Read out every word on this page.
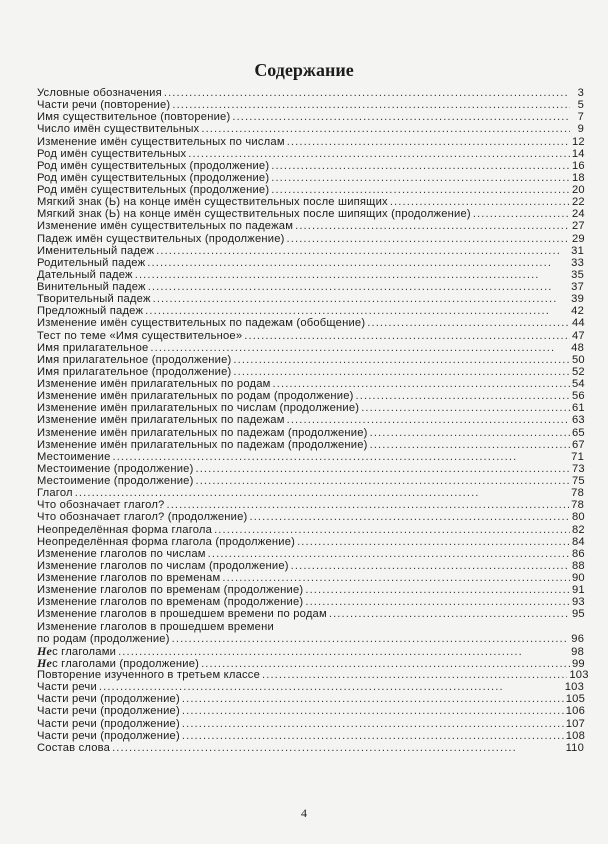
Содержание
Условные обозначения . . .	3
Части речи (повторение) . . .	5
Имя существительное (повторение) . . .	7
Число имён существительных . . .	9
Изменение имён существительных по числам . . .	12
Род имён существительных . . .	14
Род имён существительных (продолжение) . . .	16
Род имён существительных (продолжение) . . .	18
Род имён существительных (продолжение) . . .	20
Мягкий знак (Ь) на конце имён существительных после шипящих . . .	22
Мягкий знак (Ь) на конце имён существительных после шипящих (продолжение) . . .	24
Изменение имён существительных по падежам . . .	27
Падеж имён существительных (продолжение) . . .	29
Именительный падеж . . .	31
Родительный падеж . . .	33
Дательный падеж . . .	35
Винительный падеж . . .	37
Творительный падеж . . .	39
Предложный падеж . . .	42
Изменение имён существительных по падежам (обобщение) . . .	44
Тест по теме «Имя существительное» . . .	47
Имя прилагательное . . .	48
Имя прилагательное (продолжение) . . .	50
Имя прилагательное (продолжение) . . .	52
Изменение имён прилагательных по родам . . .	54
Изменение имён прилагательных по родам (продолжение) . . .	56
Изменение имён прилагательных по числам (продолжение) . . .	61
Изменение имён прилагательных по падежам . . .	63
Изменение имён прилагательных по падежам (продолжение) . . .	65
Изменение имён прилагательных по падежам (продолжение) . . .	67
Местоимение . . .	71
Местоимение (продолжение) . . .	73
Местоимение (продолжение) . . .	75
Глагол . . .	78
Что обозначает глагол? . . .	78
Что обозначает глагол? (продолжение) . . .	80
Неопределённая форма глагола . . .	82
Неопределённая форма глагола (продолжение) . . .	84
Изменение глаголов по числам . . .	86
Изменение глаголов по числам (продолжение) . . .	88
Изменение глаголов по временам . . .	90
Изменение глаголов по временам (продолжение) . . .	91
Изменение глаголов по временам (продолжение) . . .	93
Изменение глаголов в прошедшем времени по родам . . .	95
Изменение глаголов в прошедшем времени
по родам (продолжение) . . .	96
Не с глаголами . . .	98
Не с глаголами (продолжение) . . .	99
Повторение изученного в третьем классе . . .	103
Части речи . . .	103
Части речи (продолжение) . . .	105
Части речи (продолжение) . . .	106
Части речи (продолжение) . . .	107
Части речи (продолжение) . . .	108
Состав слова . . .	110
4
